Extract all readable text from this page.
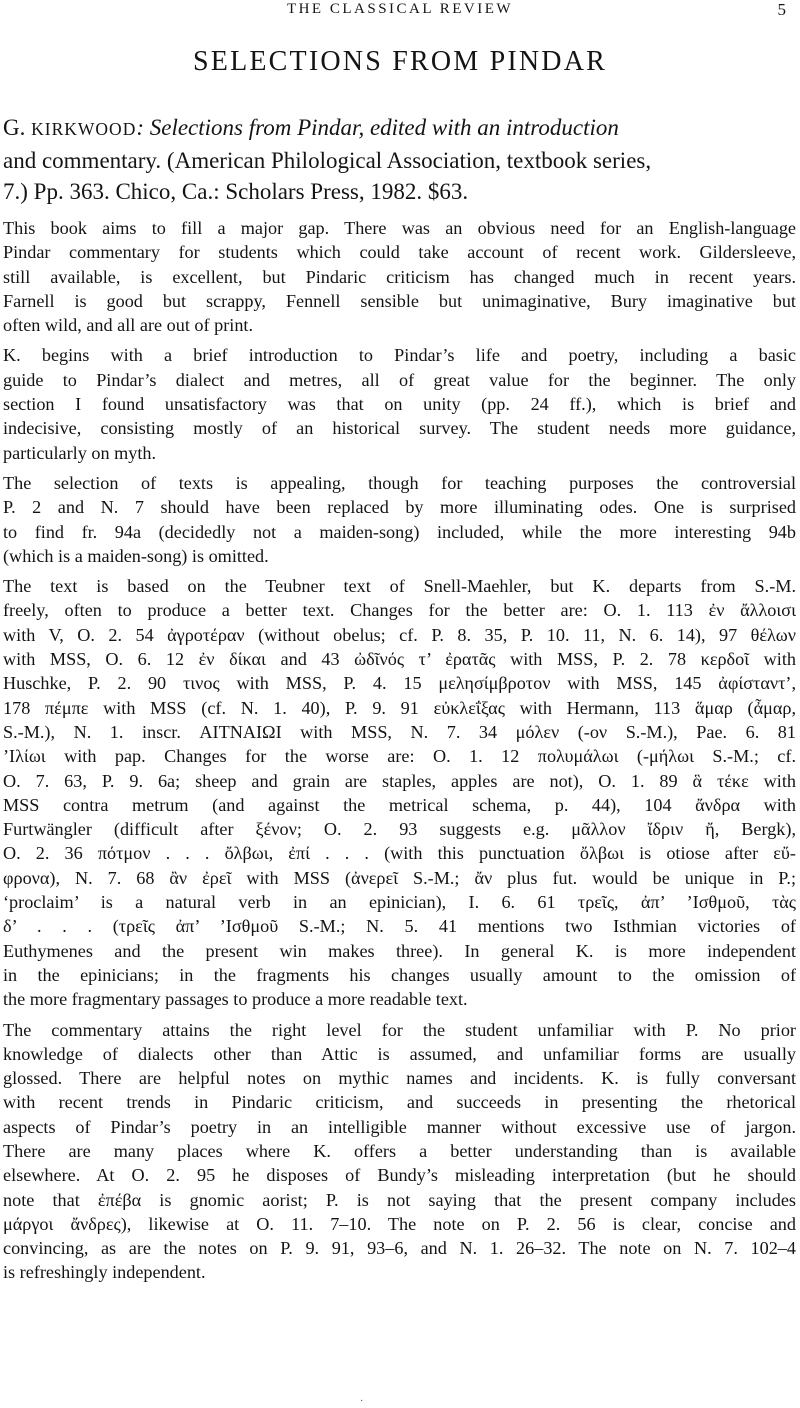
THE CLASSICAL REVIEW	5
SELECTIONS FROM PINDAR
G. KIRKWOOD: Selections from Pindar, edited with an introduction
and commentary. (American Philological Association, textbook series,
7.) Pp. 363. Chico, Ca.: Scholars Press, 1982. $63.
This book aims to fill a major gap. There was an obvious need for an English-language
Pindar commentary for students which could take account of recent work. Gildersleeve,
still available, is excellent, but Pindaric criticism has changed much in recent years.
Farnell is good but scrappy, Fennell sensible but unimaginative, Bury imaginative but
often wild, and all are out of print.
K. begins with a brief introduction to Pindar’s life and poetry, including a basic
guide to Pindar’s dialect and metres, all of great value for the beginner. The only
section I found unsatisfactory was that on unity (pp. 24 ff.), which is brief and
indecisive, consisting mostly of an historical survey. The student needs more guidance,
particularly on myth.
The selection of texts is appealing, though for teaching purposes the controversial
P. 2 and N. 7 should have been replaced by more illuminating odes. One is surprised
to find fr. 94a (decidedly not a maiden-song) included, while the more interesting 94b
(which is a maiden-song) is omitted.
The text is based on the Teubner text of Snell-Maehler, but K. departs from S.-M.
freely, often to produce a better text. Changes for the better are: O. 1. 113 ἐν ἄλλοισι
with V, O. 2. 54 ἀγροτέραν (without obelus; cf. P. 8. 35, P. 10. 11, N. 6. 14), 97 θέλων
with MSS, O. 6. 12 ἐν δίκαι and 43 ὠδῖνός τ’ ἐρατᾶς with MSS, P. 2. 78 κερδοῖ with
Huschke, P. 2. 90 τινος with MSS, P. 4. 15 μελησίμβροτον with MSS, 145 ἀφίσταντ’,
178 πέμπε with MSS (cf. N. 1. 40), P. 9. 91 εὐκλεΐξας with Hermann, 113 ἅμαρ (ἆμαρ,
S.-M.), N. 1. inscr. ΑΙΤΝΑΙΩΙ with MSS, N. 7. 34 μόλεν (-ον S.-M.), Pae. 6. 81
’Ιλίωι with pap. Changes for the worse are: O. 1. 12 πολυμάλωι (-μήλωι S.-M.; cf.
O. 7. 63, P. 9. 6a; sheep and grain are staples, apples are not), O. 1. 89 ἃ τέκε with
MSS contra metrum (and against the metrical schema, p. 44), 104 ἄνδρα with
Furtwängler (difficult after ξένον; O. 2. 93 suggests e.g. μᾶλλον ἴδριν ἤ, Bergk),
O. 2. 36 πότμον . . . ὄλβωι, ἐπί . . . (with this punctuation ὄλβωι is otiose after εὔ-
φρονα), N. 7. 68 ἂν ἐρεῖ with MSS (ἀνερεῖ S.-M.; ἄν plus fut. would be unique in P.;
‘proclaim’ is a natural verb in an epinician), I. 6. 61 τρεῖς, ἀπ’ ’Ισθμοῦ, τὰς
δ’ . . . (τρεῖς ἀπ’ ’Ισθμοῦ S.-M.; N. 5. 41 mentions two Isthmian victories of
Euthymenes and the present win makes three). In general K. is more independent
in the epinicians; in the fragments his changes usually amount to the omission of
the more fragmentary passages to produce a more readable text.
The commentary attains the right level for the student unfamiliar with P. No prior
knowledge of dialects other than Attic is assumed, and unfamiliar forms are usually
glossed. There are helpful notes on mythic names and incidents. K. is fully conversant
with recent trends in Pindaric criticism, and succeeds in presenting the rhetorical
aspects of Pindar’s poetry in an intelligible manner without excessive use of jargon.
There are many places where K. offers a better understanding than is available
elsewhere. At O. 2. 95 he disposes of Bundy’s misleading interpretation (but he should
note that ἐπέβα is gnomic aorist; P. is not saying that the present company includes
μάργοι ἄνδρες), likewise at O. 11. 7–10. The note on P. 2. 56 is clear, concise and
convincing, as are the notes on P. 9. 91, 93–6, and N. 1. 26–32. The note on N. 7. 102–4
is refreshingly independent.
·
